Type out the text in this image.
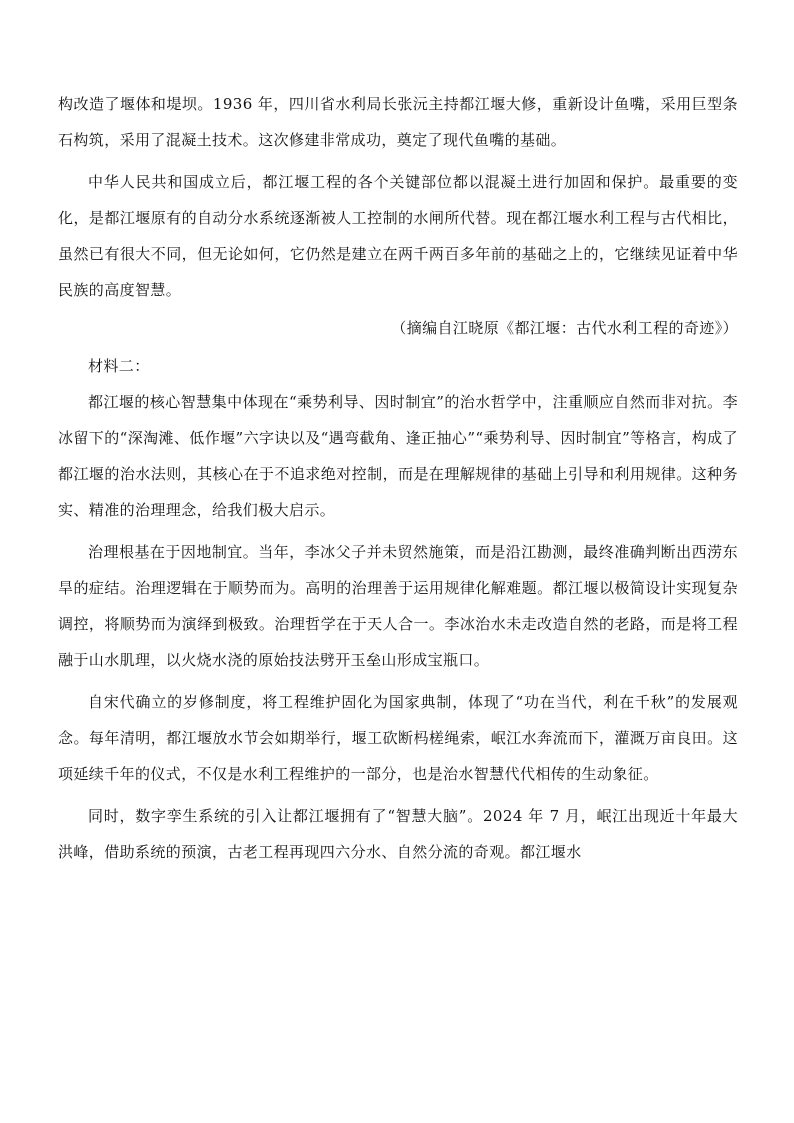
构改造了堰体和堤坝。1936 年，四川省水利局长张沅主持都江堰大修，重新设计鱼嘴，采用巨型条石构筑，采用了混凝土技术。这次修建非常成功，奠定了现代鱼嘴的基础。

中华人民共和国成立后，都江堰工程的各个关键部位都以混凝土进行加固和保护。最重要的变化，是都江堰原有的自动分水系统逐渐被人工控制的水闸所代替。现在都江堰水利工程与古代相比，虽然已有很大不同，但无论如何，它仍然是建立在两千两百多年前的基础之上的，它继续见证着中华民族的高度智慧。

（摘编自江晓原《都江堰：古代水利工程的奇迹》）

材料二：

都江堰的核心智慧集中体现在“乘势利导、因时制宜”的治水哲学中，注重顺应自然而非对抗。李冰留下的“深淘滩、低作堰”六字诀以及“遇弯截角、逢正抽心”“乘势利导、因时制宜”等格言，构成了都江堰的治水法则，其核心在于不追求绝对控制，而是在理解规律的基础上引导和利用规律。这种务实、精准的治理理念，给我们极大启示。

治理根基在于因地制宜。当年，李冰父子并未贸然施策，而是沿江勘测，最终准确判断出西涝东旱的症结。治理逻辑在于顺势而为。高明的治理善于运用规律化解难题。都江堰以极简设计实现复杂调控，将顺势而为演绎到极致。治理哲学在于天人合一。李冰治水未走改造自然的老路，而是将工程融于山水肌理，以火烧水浇的原始技法劈开玉垒山形成宝瓶口。

自宋代确立的岁修制度，将工程维护固化为国家典制，体现了“功在当代，利在千秋”的发展观念。每年清明，都江堰放水节会如期举行，堰工砍断杩槎绳索，岷江水奔流而下，灌溉万亩良田。这项延续千年的仪式，不仅是水利工程维护的一部分，也是治水智慧代代相传的生动象征。

同时，数字孪生系统的引入让都江堰拥有了“智慧大脑”。2024 年 7 月，岷江出现近十年最大洪峰，借助系统的预演，古老工程再现四六分水、自然分流的奇观。都江堰水
